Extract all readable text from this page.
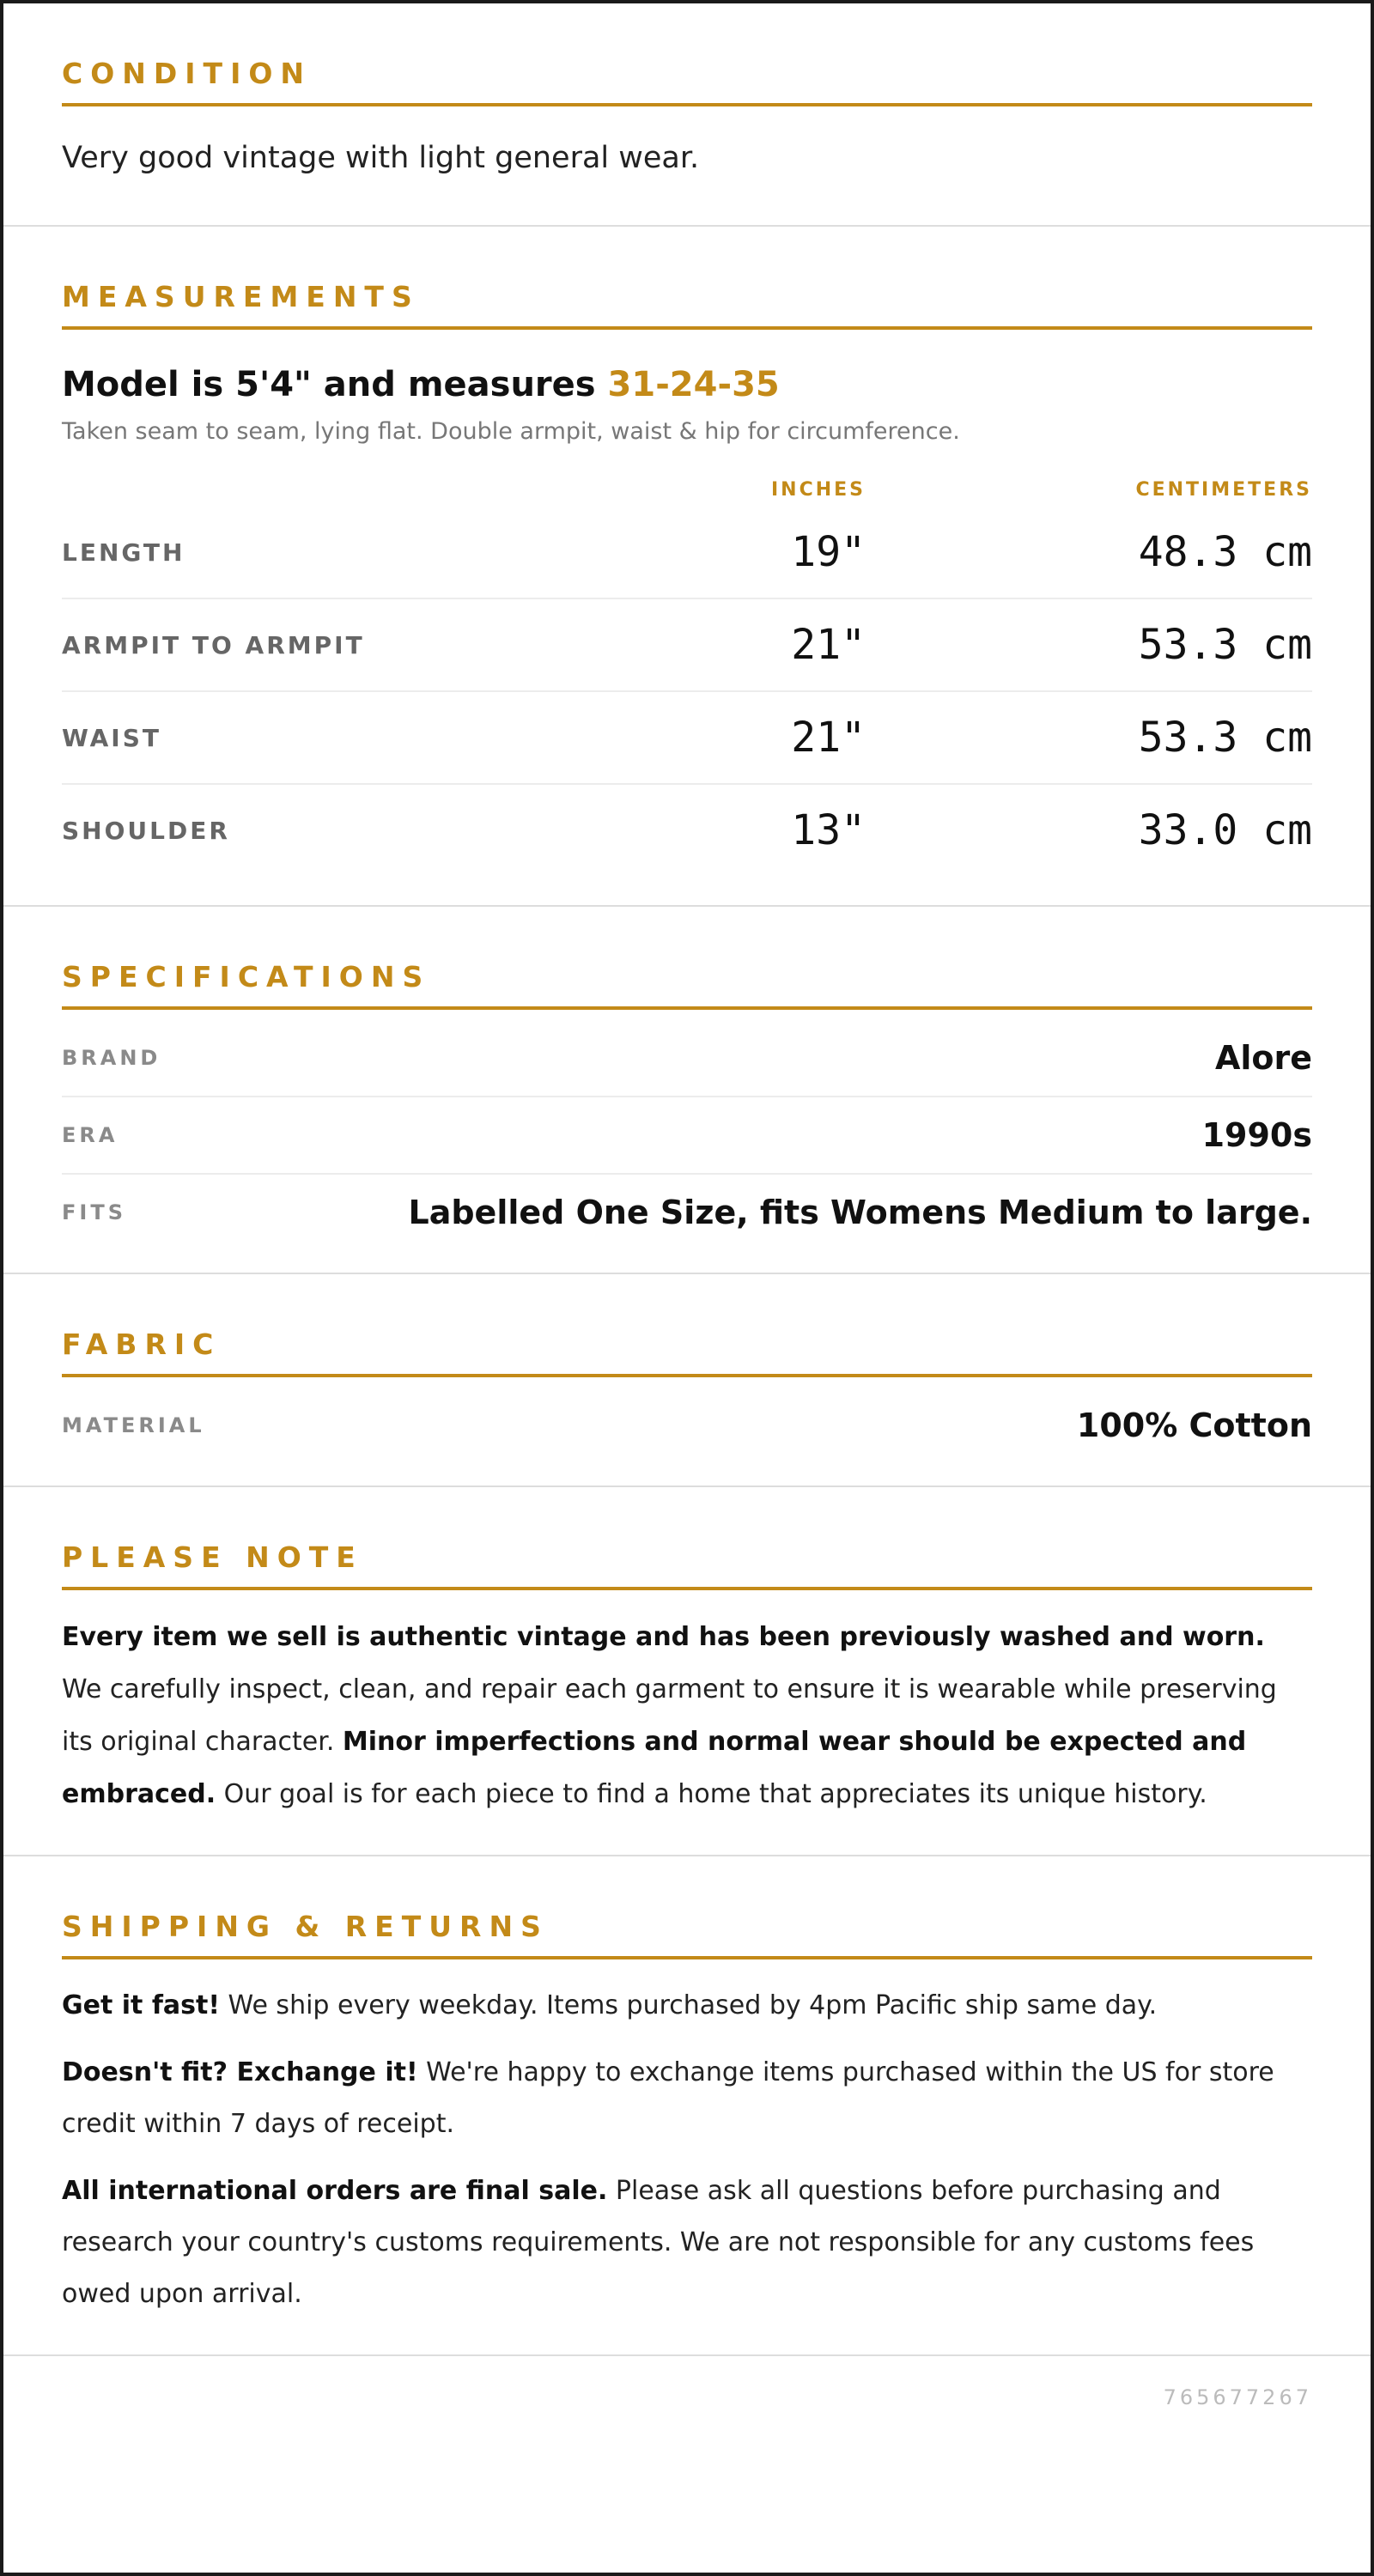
CONDITION

Very good vintage with light general wear.

MEASUREMENTS

Model is 5'4" and measures 31-24-35

Taken seam to seam, lying flat. Double armpit, waist & hip for circumference.

INCHES	CENTIMETERS
LENGTH	19"	48.3 cm
ARMPIT TO ARMPIT	21"	53.3 cm
WAIST	21"	53.3 cm
SHOULDER	13"	33.0 cm
SPECIFICATIONS
BRAND	Alore
ERA	1990s
FITS	Labelled One Size, fits Womens Medium to large.
FABRIC
MATERIAL	100% Cotton
PLEASE NOTE

Every item we sell is authentic vintage and has been previously washed and worn. We carefully inspect, clean, and repair each garment to ensure it is wearable while preserving its original character. Minor imperfections and normal wear should be expected and embraced. Our goal is for each piece to find a home that appreciates its unique history.

SHIPPING & RETURNS

Get it fast! We ship every weekday. Items purchased by 4pm Pacific ship same day.

Doesn't fit? Exchange it! We're happy to exchange items purchased within the US for store credit within 7 days of receipt.

All international orders are final sale. Please ask all questions before purchasing and research your country's customs requirements. We are not responsible for any customs fees owed upon arrival.

765677267
